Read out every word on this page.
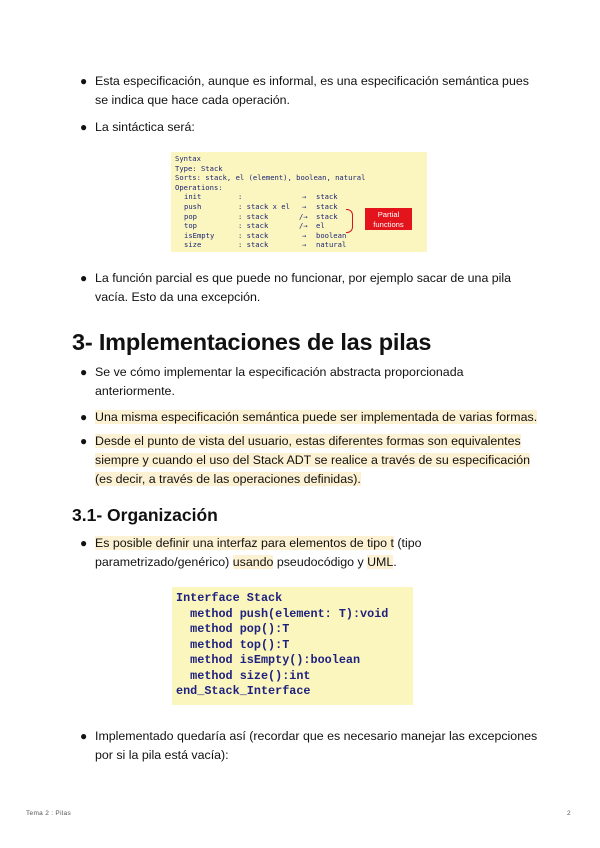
● Esta especificación, aunque es informal, es una especificación semántica pues se indica que hace cada operación.
● La sintáctica será:
Syntax
Type: Stack
Sorts: stack, el (element), boolean, natural
Operations:
init	:	→ stack
push	: stack x el → stack
pop	: stack	/→ stack
top	: stack	/→ el
isEmpty	: stack	→ boolean
size	: stack	→ natural
Partial functions
● La función parcial es que puede no funcionar, por ejemplo sacar de una pila vacía. Esto da una excepción.
3- Implementaciones de las pilas
● Se ve cómo implementar la especificación abstracta proporcionada anteriormente.
● Una misma especificación semántica puede ser implementada de varias formas.
● Desde el punto de vista del usuario, estas diferentes formas son equivalentes siempre y cuando el uso del Stack ADT se realice a través de su especificación (es decir, a través de las operaciones definidas).
3.1- Organización
● Es posible definir una interfaz para elementos de tipo t (tipo parametrizado/genérico) usando pseudocódigo y UML.
Interface Stack
method push(element: T):void
method pop():T
method top():T
method isEmpty():boolean
method size():int
end_Stack_Interface
● Implementado quedaría así (recordar que es necesario manejar las excepciones por si la pila está vacía):
Tema 2 : Pilas	2
